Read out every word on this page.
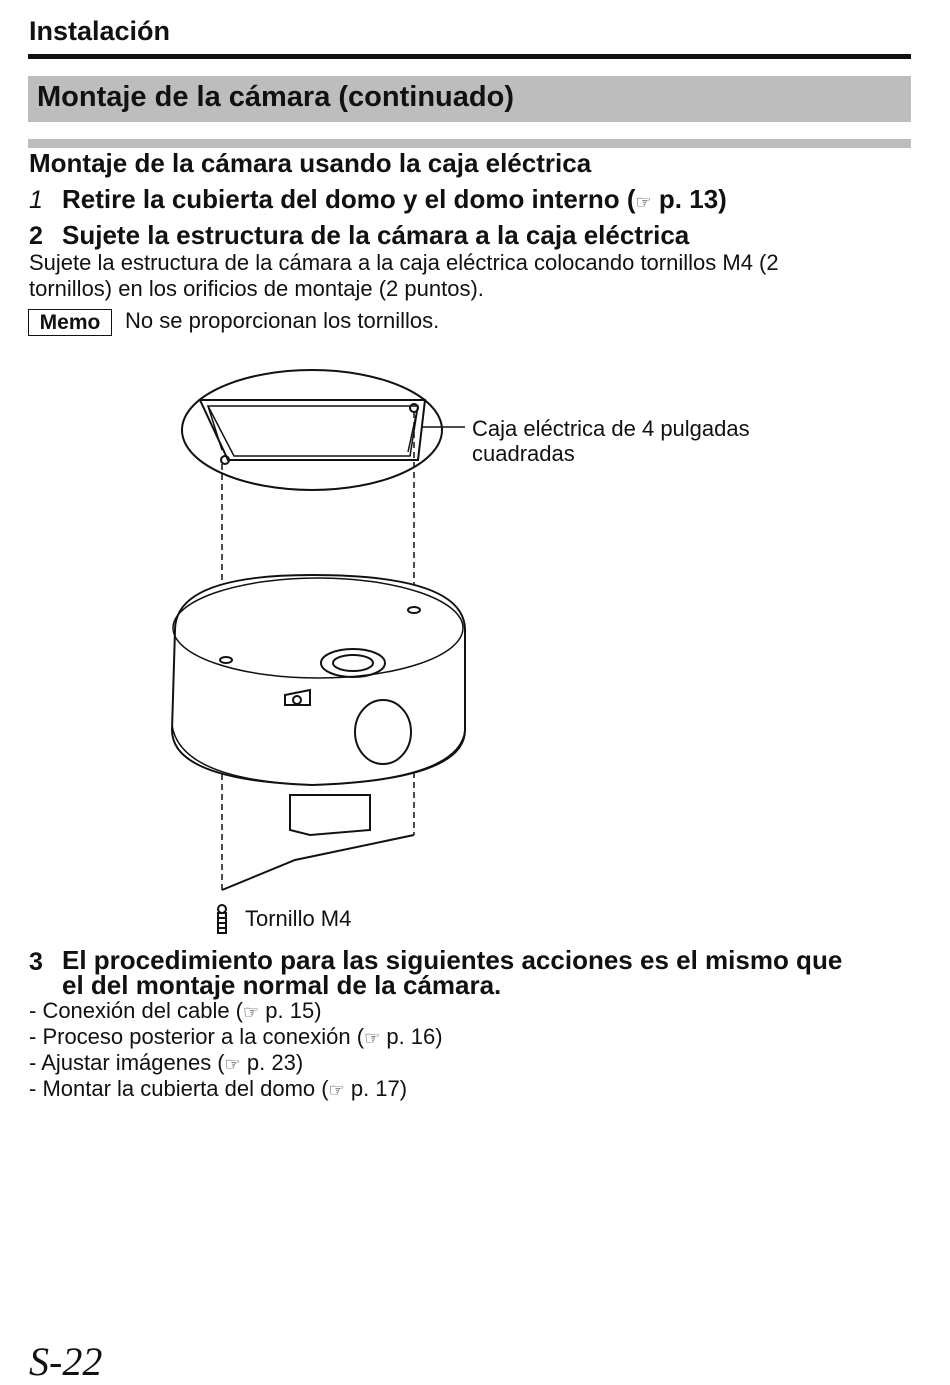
Instalación
Montaje de la cámara (continuado)
Montaje de la cámara usando la caja eléctrica
1 Retire la cubierta del domo y el domo interno (☞ p. 13)
2 Sujete la estructura de la cámara a la caja eléctrica
Sujete la estructura de la cámara a la caja eléctrica colocando tornillos M4 (2
tornillos) en los orificios de montaje (2 puntos).
Memo	No se proporcionan los tornillos.
Caja eléctrica de 4 pulgadas
cuadradas
Tornillo M4
3 El procedimiento para las siguientes acciones es el mismo que
el del montaje normal de la cámara.
- Conexión del cable (☞ p. 15)
- Proceso posterior a la conexión (☞ p. 16)
- Ajustar imágenes (☞ p. 23)
- Montar la cubierta del domo (☞ p. 17)
S-22
